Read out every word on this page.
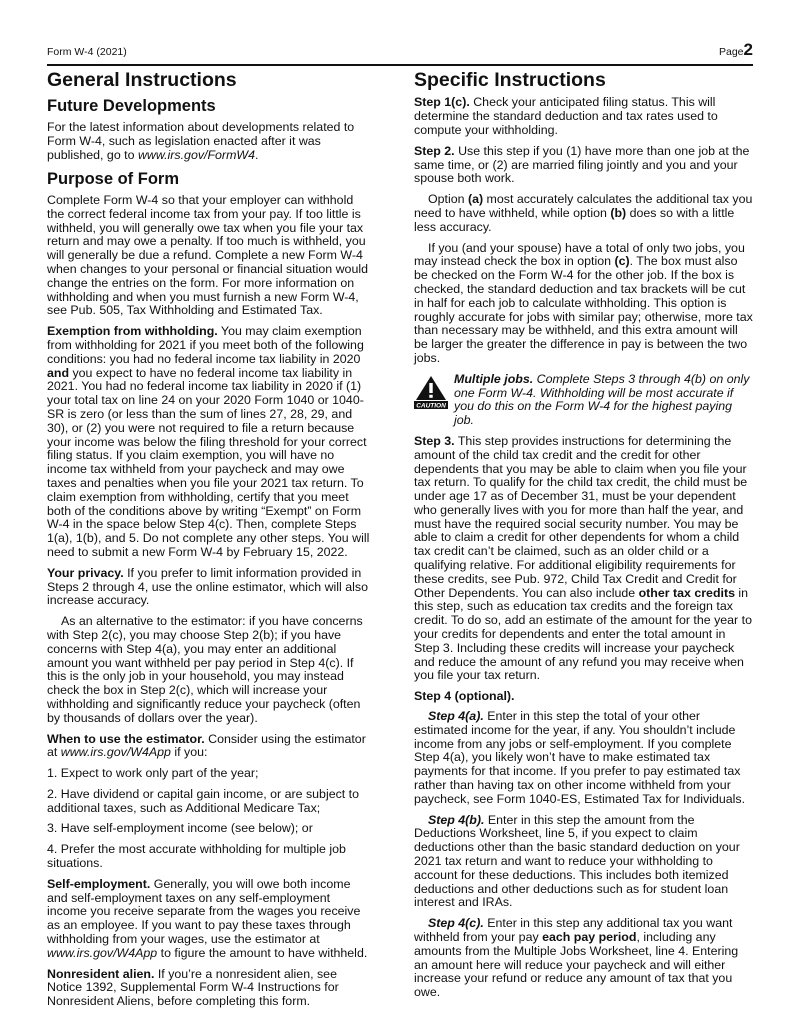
Form W-4 (2021)	Page2
General Instructions
Future Developments

For the latest information about developments related to Form W-4, such as legislation enacted after it was published, go to www.irs.gov/FormW4.

Purpose of Form

Complete Form W-4 so that your employer can withhold the correct federal income tax from your pay. If too little is withheld, you will generally owe tax when you file your tax return and may owe a penalty. If too much is withheld, you will generally be due a refund. Complete a new Form W-4 when changes to your personal or financial situation would change the entries on the form. For more information on withholding and when you must furnish a new Form W-4, see Pub. 505, Tax Withholding and Estimated Tax.

Exemption from withholding. You may claim exemption from withholding for 2021 if you meet both of the following conditions: you had no federal income tax liability in 2020 and you expect to have no federal income tax liability in 2021. You had no federal income tax liability in 2020 if (1) your total tax on line 24 on your 2020 Form 1040 or 1040-SR is zero (or less than the sum of lines 27, 28, 29, and 30), or (2) you were not required to file a return because your income was below the filing threshold for your correct filing status. If you claim exemption, you will have no income tax withheld from your paycheck and may owe taxes and penalties when you file your 2021 tax return. To claim exemption from withholding, certify that you meet both of the conditions above by writing “Exempt” on Form W-4 in the space below Step 4(c). Then, complete Steps 1(a), 1(b), and 5. Do not complete any other steps. You will need to submit a new Form W-4 by February 15, 2022.

Your privacy. If you prefer to limit information provided in Steps 2 through 4, use the online estimator, which will also increase accuracy.

As an alternative to the estimator: if you have concerns with Step 2(c), you may choose Step 2(b); if you have concerns with Step 4(a), you may enter an additional amount you want withheld per pay period in Step 4(c). If this is the only job in your household, you may instead check the box in Step 2(c), which will increase your withholding and significantly reduce your paycheck (often by thousands of dollars over the year).

When to use the estimator. Consider using the estimator at www.irs.gov/W4App if you:

1. Expect to work only part of the year;

2. Have dividend or capital gain income, or are subject to additional taxes, such as Additional Medicare Tax;

3. Have self-employment income (see below); or

4. Prefer the most accurate withholding for multiple job situations.

Self-employment. Generally, you will owe both income and self-employment taxes on any self-employment income you receive separate from the wages you receive as an employee. If you want to pay these taxes through withholding from your wages, use the estimator at www.irs.gov/W4App to figure the amount to have withheld.

Nonresident alien. If you’re a nonresident alien, see Notice 1392, Supplemental Form W-4 Instructions for Nonresident Aliens, before completing this form.

Specific Instructions

Step 1(c). Check your anticipated filing status. This will determine the standard deduction and tax rates used to compute your withholding.

Step 2. Use this step if you (1) have more than one job at the same time, or (2) are married filing jointly and you and your spouse both work.

Option (a) most accurately calculates the additional tax you need to have withheld, while option (b) does so with a little less accuracy.

If you (and your spouse) have a total of only two jobs, you may instead check the box in option (c). The box must also be checked on the Form W-4 for the other job. If the box is checked, the standard deduction and tax brackets will be cut in half for each job to calculate withholding. This option is roughly accurate for jobs with similar pay; otherwise, more tax than necessary may be withheld, and this extra amount will be larger the greater the difference in pay is between the two jobs.

CAUTION
Multiple jobs. Complete Steps 3 through 4(b) on only one Form W-4. Withholding will be most accurate if you do this on the Form W-4 for the highest paying job.

Step 3. This step provides instructions for determining the amount of the child tax credit and the credit for other dependents that you may be able to claim when you file your tax return. To qualify for the child tax credit, the child must be under age 17 as of December 31, must be your dependent who generally lives with you for more than half the year, and must have the required social security number. You may be able to claim a credit for other dependents for whom a child tax credit can’t be claimed, such as an older child or a qualifying relative. For additional eligibility requirements for these credits, see Pub. 972, Child Tax Credit and Credit for Other Dependents. You can also include other tax credits in this step, such as education tax credits and the foreign tax credit. To do so, add an estimate of the amount for the year to your credits for dependents and enter the total amount in Step 3. Including these credits will increase your paycheck and reduce the amount of any refund you may receive when you file your tax return.

Step 4 (optional).

Step 4(a). Enter in this step the total of your other estimated income for the year, if any. You shouldn’t include income from any jobs or self-employment. If you complete Step 4(a), you likely won’t have to make estimated tax payments for that income. If you prefer to pay estimated tax rather than having tax on other income withheld from your paycheck, see Form 1040-ES, Estimated Tax for Individuals.

Step 4(b). Enter in this step the amount from the Deductions Worksheet, line 5, if you expect to claim deductions other than the basic standard deduction on your 2021 tax return and want to reduce your withholding to account for these deductions. This includes both itemized deductions and other deductions such as for student loan interest and IRAs.

Step 4(c). Enter in this step any additional tax you want withheld from your pay each pay period, including any amounts from the Multiple Jobs Worksheet, line 4. Entering an amount here will reduce your paycheck and will either increase your refund or reduce any amount of tax that you owe.
